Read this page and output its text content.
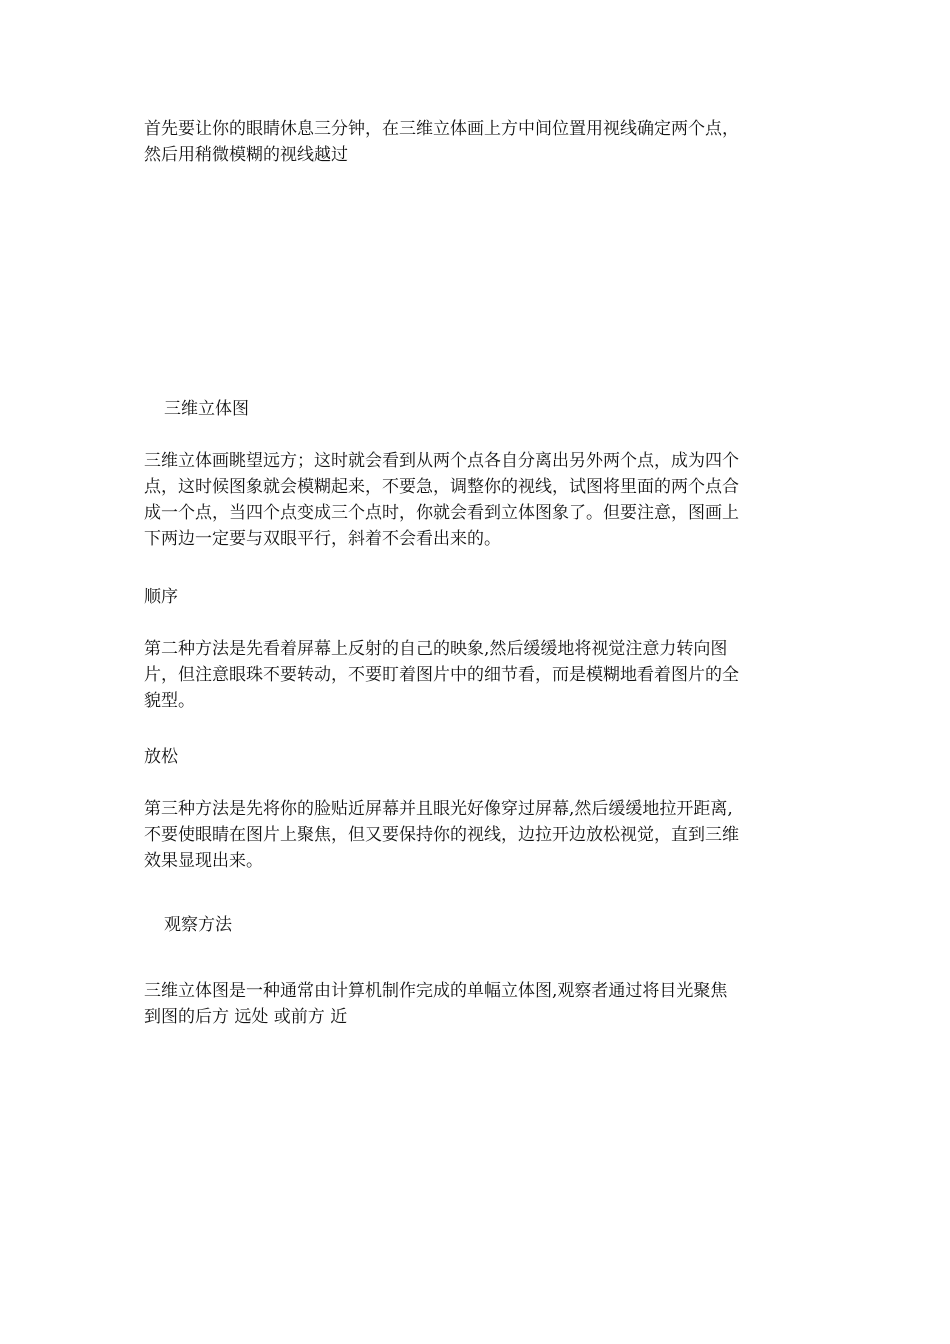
首先要让你的眼睛休息三分钟，在三维立体画上方中间位置用视线确定两个点，
然后用稍微模糊的视线越过

三维立体图

三维立体画眺望远方；这时就会看到从两个点各自分离出另外两个点，成为四个
点，这时候图象就会模糊起来，不要急，调整你的视线，试图将里面的两个点合
成一个点，当四个点变成三个点时，你就会看到立体图象了。但要注意，图画上
下两边一定要与双眼平行，斜着不会看出来的。

顺序

第二种方法是先看着屏幕上反射的自己的映象,然后缓缓地将视觉注意力转向图
片，但注意眼珠不要转动，不要盯着图片中的细节看，而是模糊地看着图片的全
貌型。

放松

第三种方法是先将你的脸贴近屏幕并且眼光好像穿过屏幕,然后缓缓地拉开距离,
不要使眼睛在图片上聚焦，但又要保持你的视线，边拉开边放松视觉，直到三维
效果显现出来。

观察方法

三维立体图是一种通常由计算机制作完成的单幅立体图,观察者通过将目光聚焦
到图的后方 远处 或前方 近
